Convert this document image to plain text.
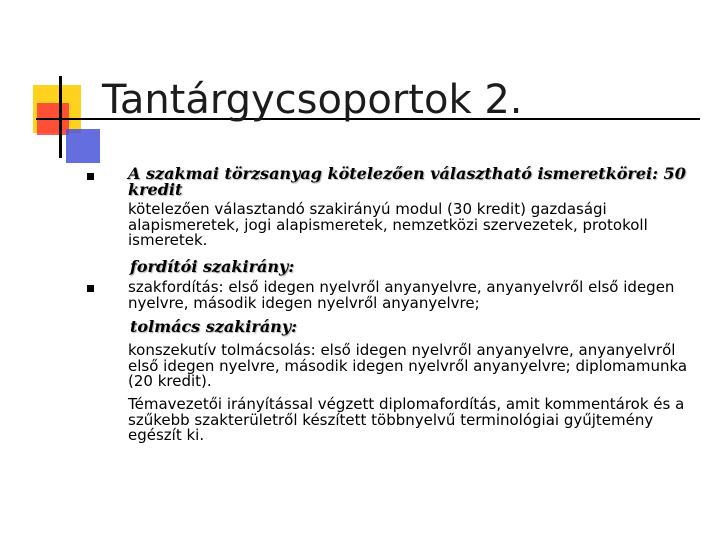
Tantárgycsoportok 2.
A szakmai törzsanyag kötelezően választható ismeretkörei: 50 kredit
kötelezően választandó szakirányú modul (30 kredit) gazdasági alapismeretek, jogi alapismeretek, nemzetközi szervezetek, protokoll ismeretek.
fordítói szakirány:
szakfordítás: első idegen nyelvről anyanyelvre, anyanyelvről első idegen nyelvre, második idegen nyelvről anyanyelvre;
tolmács szakirány:
konszekutív tolmácsolás: első idegen nyelvről anyanyelvre, anyanyelvről első idegen nyelvre, második idegen nyelvről anyanyelvre; diplomamunka (20 kredit).
Témavezetői irányítással végzett diplomafordítás, amit kommentárok és a szűkebb szakterületről készített többnyelvű terminológiai gyűjtemény egészít ki.
